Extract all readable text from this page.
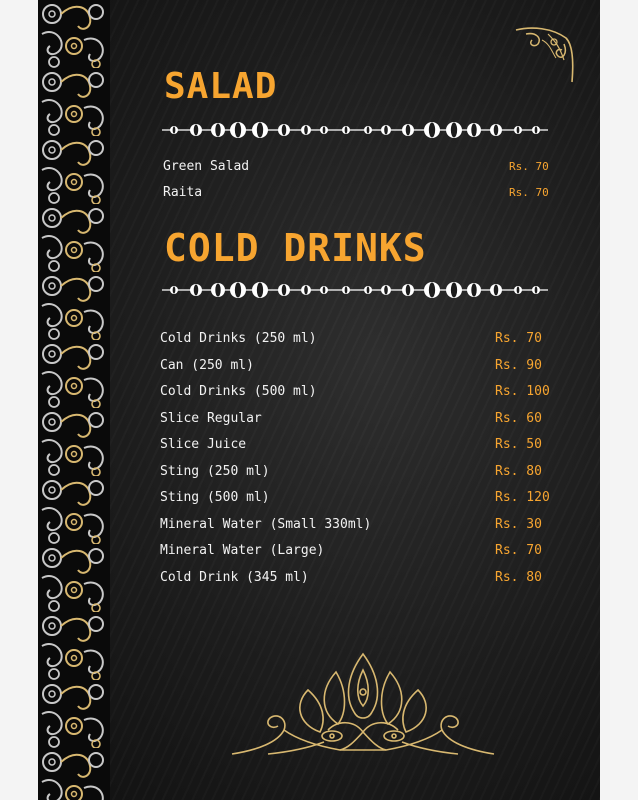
SALAD
Green Salad	Rs. 70
Raita	Rs. 70
COLD DRINKS
Cold Drinks (250 ml)	Rs. 70
Can (250 ml)	Rs. 90
Cold Drinks (500 ml)	Rs. 100
Slice Regular	Rs. 60
Slice Juice	Rs. 50
Sting (250 ml)	Rs. 80
Sting (500 ml)	Rs. 120
Mineral Water (Small 330ml)	Rs. 30
Mineral Water (Large)	Rs. 70
Cold Drink (345 ml)	Rs. 80
